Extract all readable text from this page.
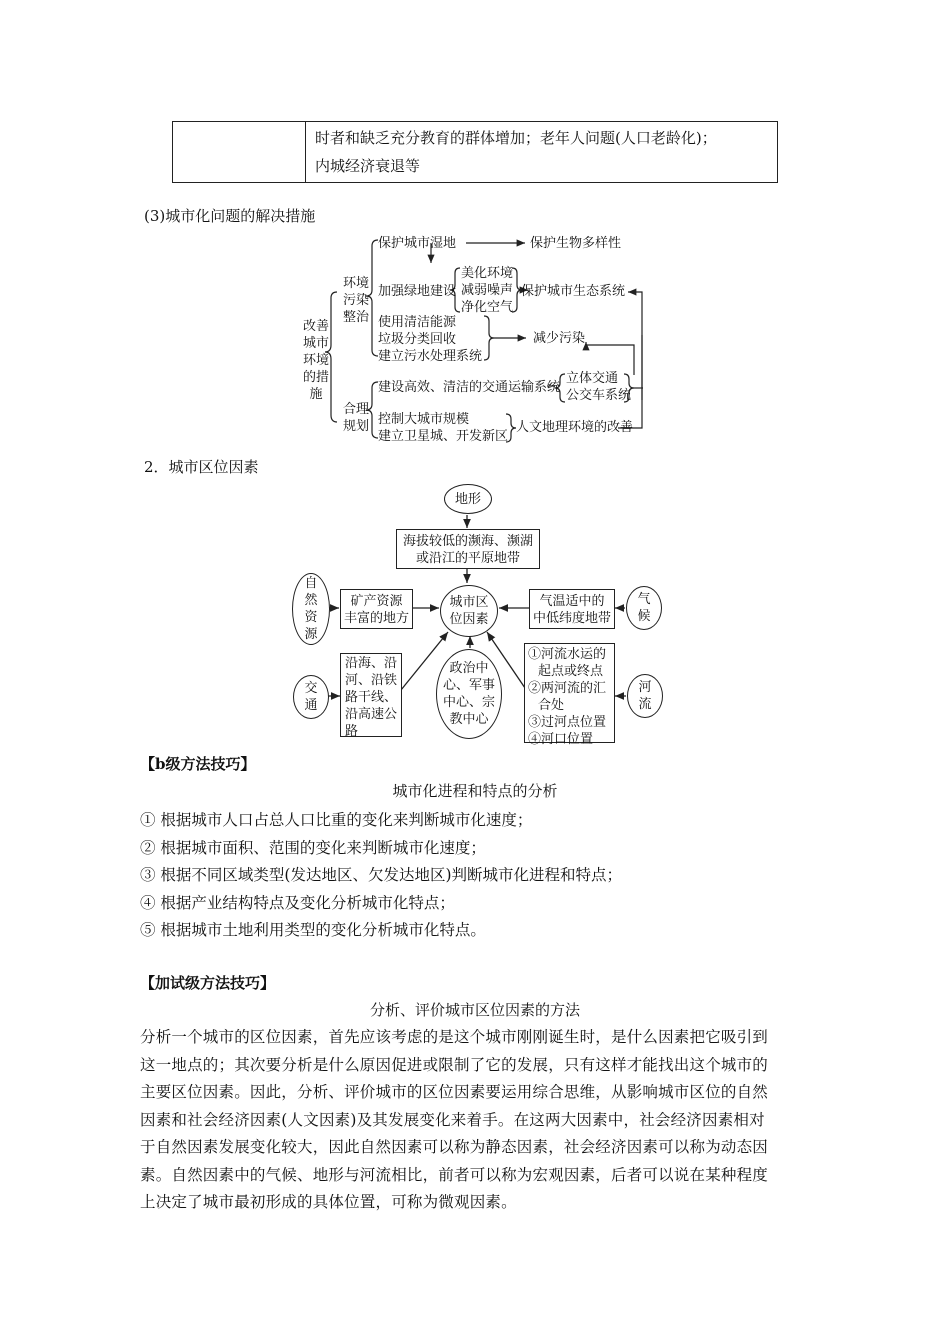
时者和缺乏充分教育的群体增加；老年人问题(人口老龄化)；
内城经济衰退等
(3)城市化问题的解决措施
改善
城市
环境
的措
施
环境
污染
整治
合理
规划
保护城市湿地	保护生物多样性
加强绿地建设
美化环境
减弱噪声
净化空气
保护城市生态系统
使用清洁能源
垃圾分类回收
建立污水处理系统
减少污染
建设高效、清洁的交通运输系统
立体交通
公交车系统
控制大城市规模
建立卫星城、开发新区
人文地理环境的改善
2．城市区位因素
地形
海拔较低的濒海、濒湖
或沿江的平原地带
城市区
位因素
自
然
资
源
矿产资源
丰富的地方
气
候
气温适中的
中低纬度地带
交
通
沿海、沿
河、沿铁
路干线、
沿高速公
路
政治中
心、军事
中心、宗
教中心
①河流水运的
起点或终点
②两河流的汇
合处
③过河点位置
④河口位置
河
流
【b级方法技巧】
城市化进程和特点的分析
① 根据城市人口占总人口比重的变化来判断城市化速度；
② 根据城市面积、范围的变化来判断城市化速度；
③ 根据不同区域类型(发达地区、欠发达地区)判断城市化进程和特点；
④ 根据产业结构特点及变化分析城市化特点；
⑤ 根据城市土地利用类型的变化分析城市化特点。
【加试级方法技巧】
分析、评价城市区位因素的方法
分析一个城市的区位因素，首先应该考虑的是这个城市刚刚诞生时，是什么因素把它吸引到
这一地点的；其次要分析是什么原因促进或限制了它的发展，只有这样才能找出这个城市的
主要区位因素。因此，分析、评价城市的区位因素要运用综合思维，从影响城市区位的自然
因素和社会经济因素(人文因素)及其发展变化来着手。在这两大因素中，社会经济因素相对
于自然因素发展变化较大，因此自然因素可以称为静态因素，社会经济因素可以称为动态因
素。自然因素中的气候、地形与河流相比，前者可以称为宏观因素，后者可以说在某种程度
上决定了城市最初形成的具体位置，可称为微观因素。
